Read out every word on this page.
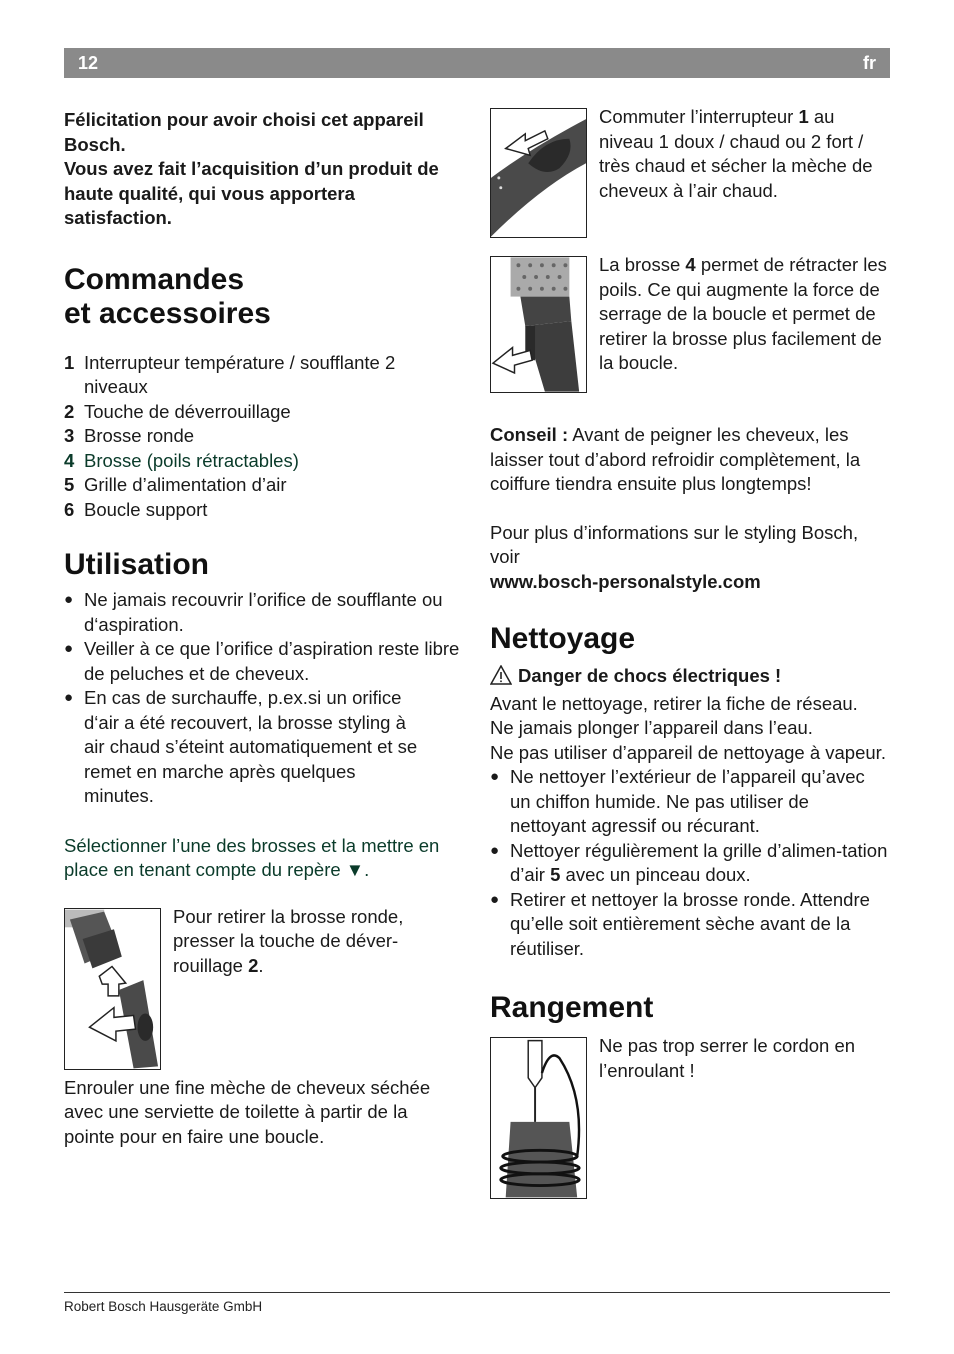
12	fr

Félicitation pour avoir choisi cet appareil Bosch.

Vous avez fait l’acquisition d’un produit de haute qualité, qui vous apportera satisfaction.

Commandes
et accessoires
1 Interrupteur température / soufflante 2 niveaux
2 Touche de déverrouillage
3 Brosse ronde
4 Brosse (poils rétractables)
5 Grille d’alimentation d’air
6 Boucle support
Utilisation
● Ne jamais recouvrir l’orifice de soufflante ou d‘aspiration.
● Veiller à ce que l’orifice d’aspiration reste libre de peluches et de cheveux.
● En cas de surchauffe, p.ex.si un orifice d‘air a été recouvert, la brosse styling à air chaud s’éteint automatiquement et se remet en marche après quelques minutes.

Sélectionner l’une des brosses et la mettre en place en tenant compte du repère ▼.

Pour retirer la brosse ronde, presser la touche de déver-rouillage 2.

Enrouler une fine mèche de cheveux séchée avec une serviette de toilette à partir de la pointe pour en faire une boucle.

Commuter l’interrupteur 1 au niveau 1 doux / chaud ou 2 fort / très chaud et sécher la mèche de cheveux à l’air chaud.
La brosse 4 permet de rétracter les poils. Ce qui augmente la force de serrage de la boucle et permet de retirer la brosse plus facilement de la boucle.

Conseil : Avant de peigner les cheveux, les laisser tout d’abord refroidir complètement, la coiffure tiendra ensuite plus longtemps!

Pour plus d’informations sur le styling Bosch, voir

www.bosch-personalstyle.com

Nettoyage

Danger de chocs électriques !

Avant le nettoyage, retirer la fiche de réseau.

Ne jamais plonger l’appareil dans l’eau.

Ne pas utiliser d’appareil de nettoyage à vapeur.

● Ne nettoyer l’extérieur de l’appareil qu’avec un chiffon humide. Ne pas utiliser de nettoyant agressif ou récurant.
● Nettoyer régulièrement la grille d’alimen-tation d’air 5 avec un pinceau doux.
● Retirer et nettoyer la brosse ronde. Attendre qu’elle soit entièrement sèche avant de la réutiliser.
Rangement
Ne pas trop serrer le cordon en l’enroulant !
Robert Bosch Hausgeräte GmbH
